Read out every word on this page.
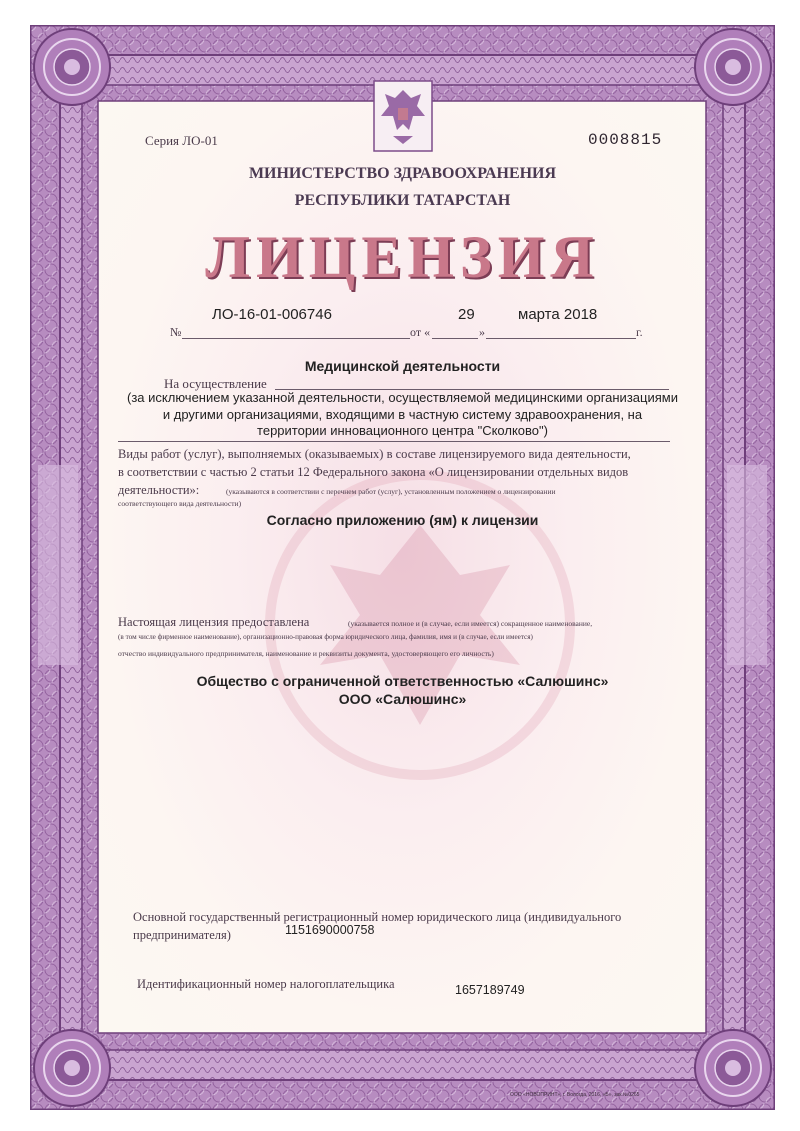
Серия ЛО-01	0008815
МИНИСТЕРСТВО ЗДРАВООХРАНЕНИЯ
РЕСПУБЛИКИ ТАТАРСТАН
ЛИЦЕНЗИЯ
№
ЛО-16-01-006746
от «
29
»
марта 2018
г.
Медицинской деятельности
На осуществление
(за исключением указанной деятельности, осуществляемой медицинскими организациями
и другими организациями, входящими в частную систему здравоохранения, на
территории инновационного центра "Сколково")
Виды работ (услуг), выполняемых (оказываемых) в составе лицензируемого вида деятельности,
в соответствии с частью 2 статьи 12 Федерального закона «О лицензировании отдельных видов
деятельности»:	(указываются в соответствии с перечнем работ (услуг), установленным положением о лицензировании
соответствующего вида деятельности)
Согласно приложению (ям) к лицензии
Настоящая лицензия предоставлена	(указывается полное и (в случае, если имеется) сокращенное наименование,
(в том числе фирменное наименование), организационно-правовая форма юридического лица, фамилия, имя и (в случае, если имеется)
отчество индивидуального предпринимателя, наименование и реквизиты документа, удостоверяющего его личность)
Общество с ограниченной ответственностью «Салюшинс»
ООО «Салюшинс»
Основной государственный регистрационный номер юридического лица (индивидуального
предпринимателя)	1151690000758
Идентификационный номер налогоплательщика	1657189749
ООО «НОВОПРИНТ», г. Вологда, 2016, «Б», зак.№0265
